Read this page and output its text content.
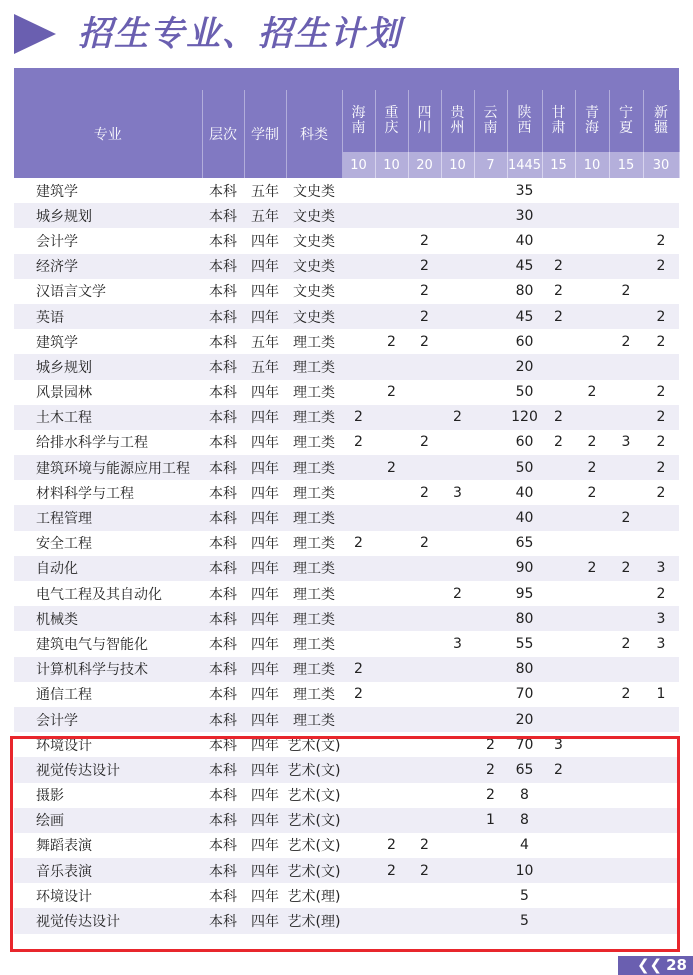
招生专业、招生计划
专业	层次	学制	科类	海南	重庆	四川	贵州	云南	陕西	甘肃	青海	宁夏	新疆
				10	10	20	10	7	1445	15	10	15	30
建筑学	本科	五年	文史类						35				
城乡规划	本科	五年	文史类						30				
会计学	本科	四年	文史类			2			40				2
经济学	本科	四年	文史类			2			45	2			2
汉语言文学	本科	四年	文史类			2			80	2		2	
英语	本科	四年	文史类			2			45	2			2
建筑学	本科	五年	理工类		2	2			60			2	2
城乡规划	本科	五年	理工类						20				
风景园林	本科	四年	理工类		2				50		2		2
土木工程	本科	四年	理工类	2			2		120	2			2
给排水科学与工程	本科	四年	理工类	2		2			60	2	2	3	2
建筑环境与能源应用工程	本科	四年	理工类		2				50		2		2
材料科学与工程	本科	四年	理工类			2	3		40		2		2
工程管理	本科	四年	理工类						40			2	
安全工程	本科	四年	理工类	2		2			65				
自动化	本科	四年	理工类						90		2	2	3
电气工程及其自动化	本科	四年	理工类				2		95				2
机械类	本科	四年	理工类						80				3
建筑电气与智能化	本科	四年	理工类				3		55			2	3
计算机科学与技术	本科	四年	理工类	2					80				
通信工程	本科	四年	理工类	2					70			2	1
会计学	本科	四年	理工类						20				
环境设计	本科	四年	艺术(文)					2	70	3			
视觉传达设计	本科	四年	艺术(文)					2	65	2			
摄影	本科	四年	艺术(文)					2	8				
绘画	本科	四年	艺术(文)					1	8				
舞蹈表演	本科	四年	艺术(文)		2	2			4				
音乐表演	本科	四年	艺术(文)		2	2			10				
环境设计	本科	四年	艺术(理)						5				
视觉传达设计	本科	四年	艺术(理)						5				
❮❮ 28
